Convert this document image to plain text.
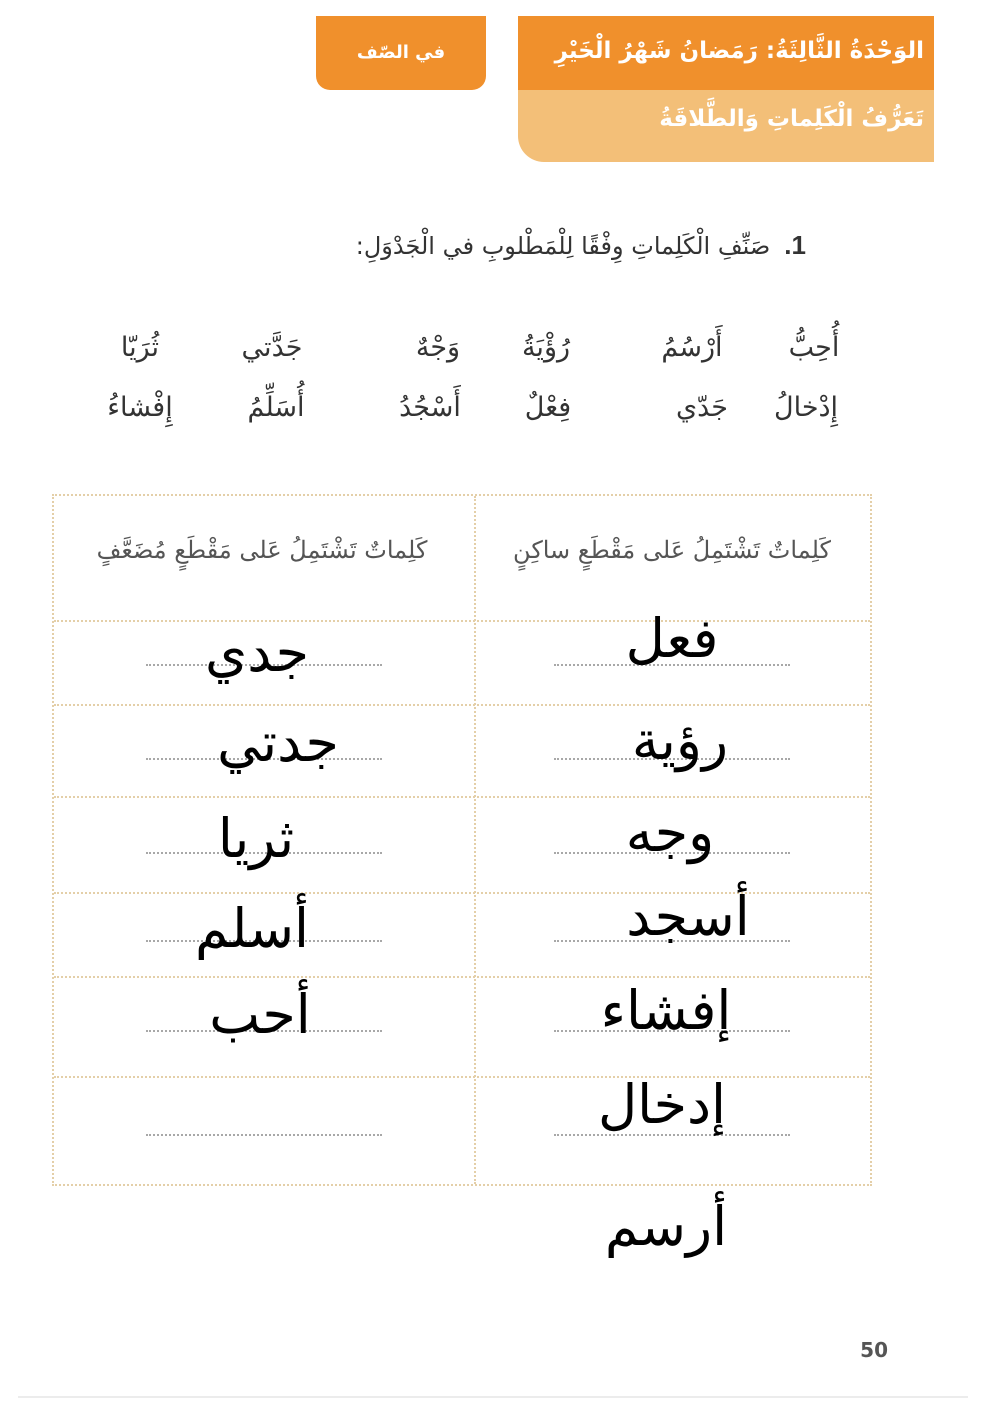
في الصّف	الوَحْدَةُ الثَّالِثَةُ: رَمَضانُ شَهْرُ الْخَيْرِ
تَعَرُّفُ الْكَلِماتِ وَالطَّلاقَةُ
1.صَنِّفِ الْكَلِماتِ وِفْقًا لِلْمَطْلوبِ في الْجَدْوَلِ:
أُحِبُّ
أَرْسُمُ
رُؤْيَةُ
وَجْهٌ
جَدَّتي
ثُرَيّا
إِدْخالُ
جَدّي
فِعْلٌ
أَسْجُدُ
أُسَلِّمُ
إِفْشاءُ
كَلِماتٌ تَشْتَمِلُ عَلى مَقْطَعٍ ساكِنٍ
كَلِماتٌ تَشْتَمِلُ عَلى مَقْطَعٍ مُضَعَّفٍ
فعل
رؤية
وجه
أسجد
إفشاء
إدخال
أرسم
جدي
جدتي
ثريا
أسلم
أحب
50
